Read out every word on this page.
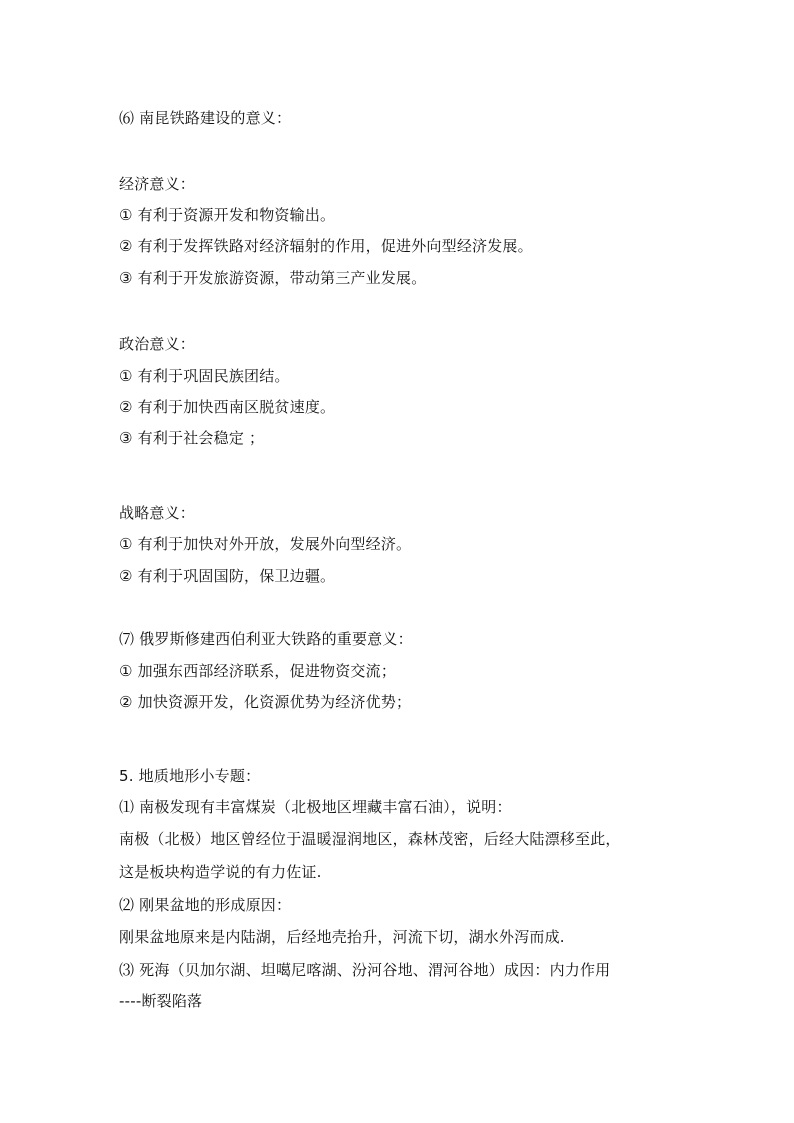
⑹ 南昆铁路建设的意义：
经济意义：
① 有利于资源开发和物资输出。
② 有利于发挥铁路对经济辐射的作用，促进外向型经济发展。
③ 有利于开发旅游资源，带动第三产业发展。
政治意义：
① 有利于巩固民族团结。
② 有利于加快西南区脱贫速度。
③ 有利于社会稳定 ；
战略意义：
① 有利于加快对外开放，发展外向型经济。
② 有利于巩固国防，保卫边疆。
⑺ 俄罗斯修建西伯利亚大铁路的重要意义：
① 加强东西部经济联系，促进物资交流；
② 加快资源开发，化资源优势为经济优势；
5. 地质地形小专题：
⑴ 南极发现有丰富煤炭（北极地区埋藏丰富石油），说明：
南极（北极）地区曾经位于温暖湿润地区，森林茂密，后经大陆漂移至此，
这是板块构造学说的有力佐证.
⑵ 刚果盆地的形成原因：
刚果盆地原来是内陆湖，后经地壳抬升，河流下切，湖水外泻而成.
⑶ 死海（贝加尔湖、坦噶尼喀湖、汾河谷地、渭河谷地）成因：内力作用
----断裂陷落
